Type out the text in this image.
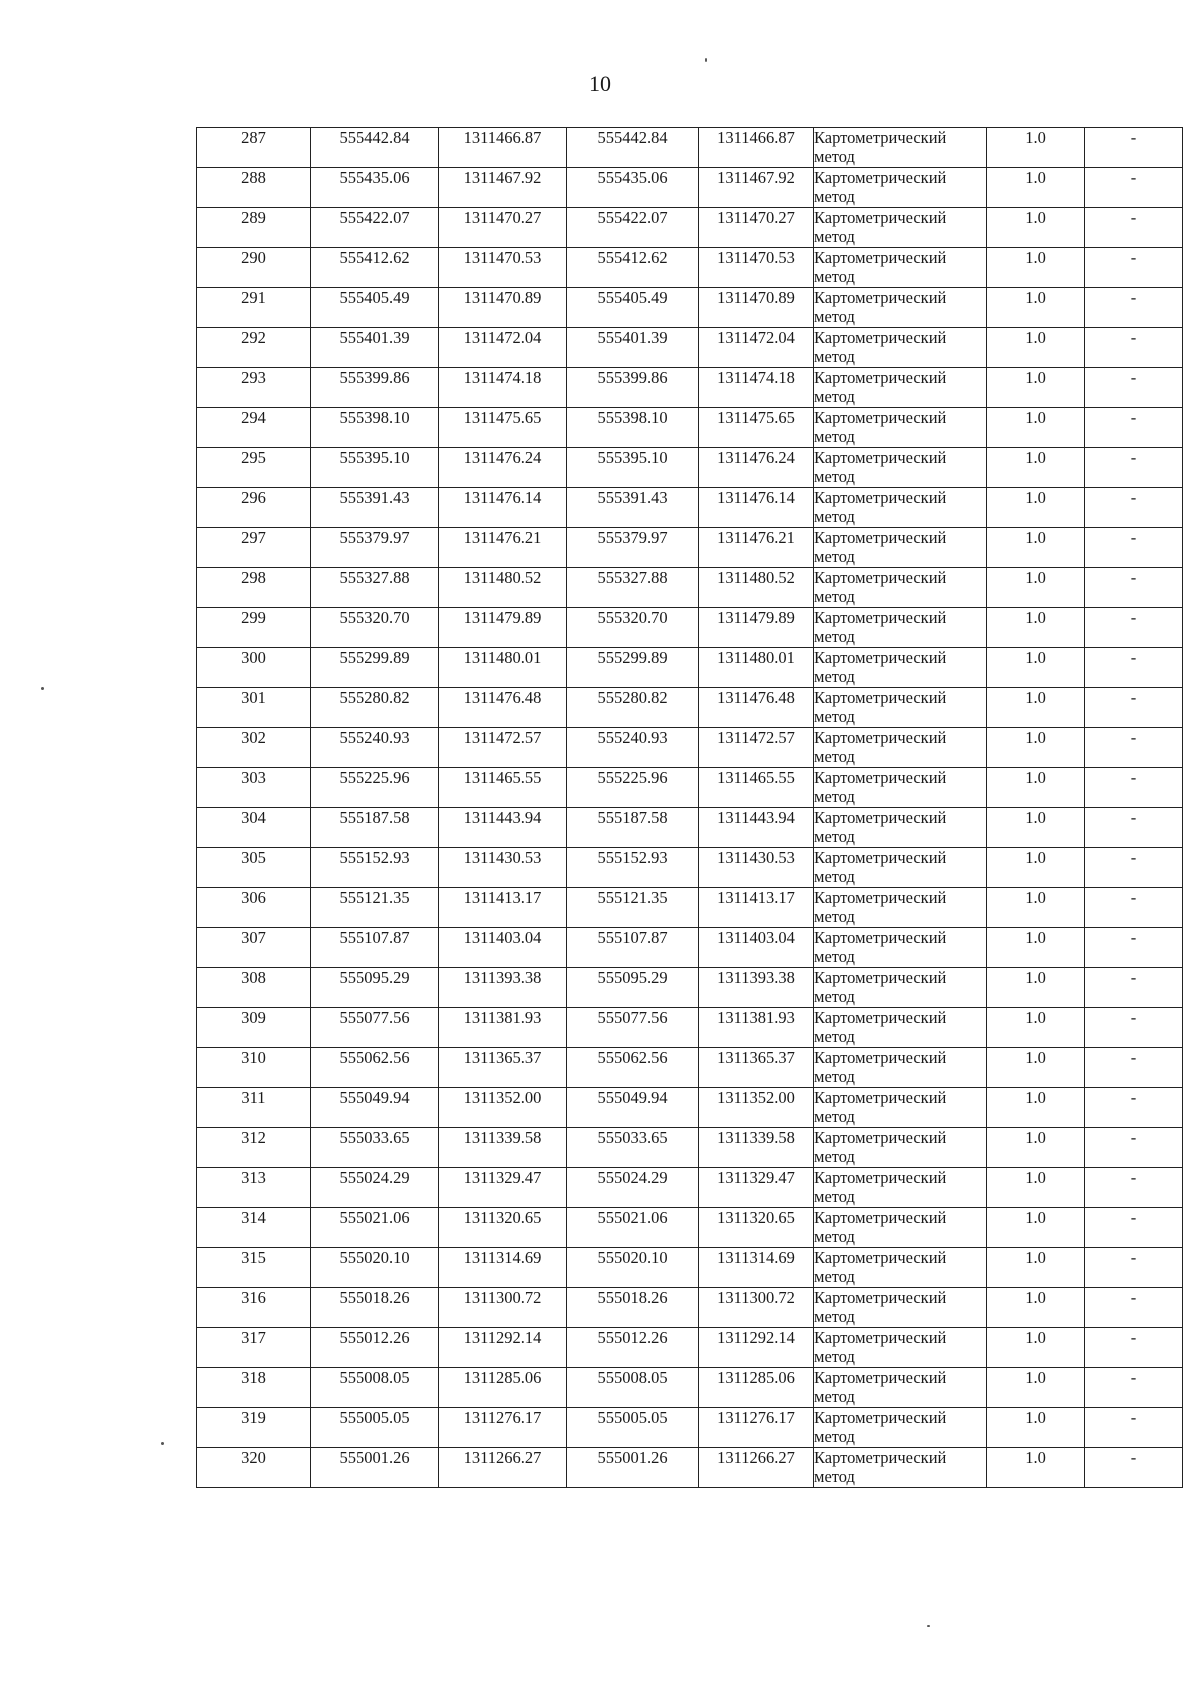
10
287	555442.84	1311466.87	555442.84	1311466.87	Картометрический метод	1.0	-
288	555435.06	1311467.92	555435.06	1311467.92	Картометрический метод	1.0	-
289	555422.07	1311470.27	555422.07	1311470.27	Картометрический метод	1.0	-
290	555412.62	1311470.53	555412.62	1311470.53	Картометрический метод	1.0	-
291	555405.49	1311470.89	555405.49	1311470.89	Картометрический метод	1.0	-
292	555401.39	1311472.04	555401.39	1311472.04	Картометрический метод	1.0	-
293	555399.86	1311474.18	555399.86	1311474.18	Картометрический метод	1.0	-
294	555398.10	1311475.65	555398.10	1311475.65	Картометрический метод	1.0	-
295	555395.10	1311476.24	555395.10	1311476.24	Картометрический метод	1.0	-
296	555391.43	1311476.14	555391.43	1311476.14	Картометрический метод	1.0	-
297	555379.97	1311476.21	555379.97	1311476.21	Картометрический метод	1.0	-
298	555327.88	1311480.52	555327.88	1311480.52	Картометрический метод	1.0	-
299	555320.70	1311479.89	555320.70	1311479.89	Картометрический метод	1.0	-
300	555299.89	1311480.01	555299.89	1311480.01	Картометрический метод	1.0	-
301	555280.82	1311476.48	555280.82	1311476.48	Картометрический метод	1.0	-
302	555240.93	1311472.57	555240.93	1311472.57	Картометрический метод	1.0	-
303	555225.96	1311465.55	555225.96	1311465.55	Картометрический метод	1.0	-
304	555187.58	1311443.94	555187.58	1311443.94	Картометрический метод	1.0	-
305	555152.93	1311430.53	555152.93	1311430.53	Картометрический метод	1.0	-
306	555121.35	1311413.17	555121.35	1311413.17	Картометрический метод	1.0	-
307	555107.87	1311403.04	555107.87	1311403.04	Картометрический метод	1.0	-
308	555095.29	1311393.38	555095.29	1311393.38	Картометрический метод	1.0	-
309	555077.56	1311381.93	555077.56	1311381.93	Картометрический метод	1.0	-
310	555062.56	1311365.37	555062.56	1311365.37	Картометрический метод	1.0	-
311	555049.94	1311352.00	555049.94	1311352.00	Картометрический метод	1.0	-
312	555033.65	1311339.58	555033.65	1311339.58	Картометрический метод	1.0	-
313	555024.29	1311329.47	555024.29	1311329.47	Картометрический метод	1.0	-
314	555021.06	1311320.65	555021.06	1311320.65	Картометрический метод	1.0	-
315	555020.10	1311314.69	555020.10	1311314.69	Картометрический метод	1.0	-
316	555018.26	1311300.72	555018.26	1311300.72	Картометрический метод	1.0	-
317	555012.26	1311292.14	555012.26	1311292.14	Картометрический метод	1.0	-
318	555008.05	1311285.06	555008.05	1311285.06	Картометрический метод	1.0	-
319	555005.05	1311276.17	555005.05	1311276.17	Картометрический метод	1.0	-
320	555001.26	1311266.27	555001.26	1311266.27	Картометрический метод	1.0	-
